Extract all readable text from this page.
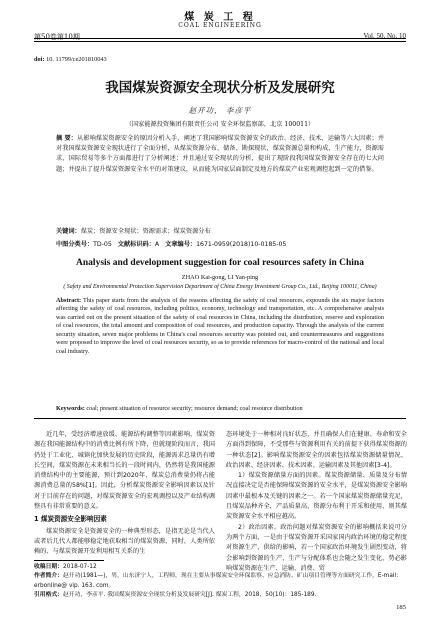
煤 炭 工 程
COAL ENGINEERING
第50卷第10期	Vol. 50, No. 10
doi: 10. 11799/ce201810043
我国煤炭资源安全现状分析及发展研究
赵开功， 李彦平
（国家能源投资集团有限责任公司 安全环保监察部，北京 100011）
摘 要：从影响煤炭资源安全的原因分析入手，阐述了我国影响煤炭资源安全的政治、经济、技术、运输等六大因素；并对我国煤炭资源安全现状进行了全面分析，从煤炭资源分布、储备、勘探现状，煤炭资源总量和构成，生产能力，资源需求，国际贸易等多个方面都进行了分析阐述；并且通过安全现状的分析，提出了现阶段我国煤炭资源安全存在的七大问题；并提出了提升煤炭资源安全水平的对策建议，从而能为国家层面制定及地方的煤炭产业宏观调控起到一定的借鉴。
关键词：煤炭；资源安全现状；资源需求；煤炭资源分布
中图分类号：TD-05 文献标识码：A 文章编号：1671-0959(2018)10-0185-05
Analysis and development suggestion for coal resources safety in China
ZHAO Kai-gong, LI Yan-ping
( Safety and Environmental Protection Supervision Department of China Energy Investment Group Co., Ltd., Beijing 100011, China)
Abstract: This paper starts from the analysis of the reasons affecting the safety of coal resources, expounds the six major factors affecting the safety of coal resources, including politics, economy, technology and transportation, etc. A comprehensive analysis was carried out on the present situation of the safety of coal resources in China, including the distribution, reserve and exploration of coal resources, the total amount and composition of coal resources, and production capacity. Through the analysis of the current security situation, seven major problems in China's coal resources security was pointed out, and countermeasures and suggestions were proposed to improve the level of coal resources security, so as to provide references for macro-control of the national and local coal industry.
Keywords: coal; present situation of resource security; resource demand; coal resource distribution

近几年，受经济增速放缓、能源结构调整等因素影响，煤炭资源在我国能源结构中的消费比例有所下降，但就现阶段而言，我国仍处于工业化、城镇化加快发展的历史阶段，能源需求总量仍有增长空间，煤炭资源在未来相当长的一段时间内，仍然将是我国能源消费结构中的主要能源，预计到2020年，煤炭总消费量仍将占能源消费总量的58%[1]。因此，分析煤炭资源安全影响因素以及针对于目前存在的问题，对煤炭资源安全的宏观调控以及产业结构调整具有非常重要的意义。

1 煤炭资源安全影响因素

煤炭资源安全是资源安全的一种典型形态，是指无论是当代人或者后几代人都能够稳定地获取相当的煤炭资源，同时，人类所依赖的、与煤炭资源开发利用相互关系的生

态环境处于一种相对良好状态，并且确保人们在健康、寿命和安全方面得到保障，不受那些与资源利用有关的前提下获得煤炭资源的一种状态[2]。影响煤炭资源安全的因素包括煤炭资源储量情况、政治因素、经济因素、技术因素、运输因素及其他因素[3-4]。

1）煤炭资源储量方面的因素。煤炭资源储量、质量及分布情况直接决定是否能保障煤炭资源的安全水平，是煤炭资源安全影响因素中最根本及关键的因素之一。若一个国家煤炭资源储量充足，且煤炭品种齐全，产品质量高，资源分布利于开采和使用，则其煤炭资源安全水平相应越高。

2）政治因素。政治问题对煤炭资源安全的影响概括来说可分为两个方面，一是由于煤炭资源开采国家国内政治环境的稳定程度对资源生产、供给的影响，若一个国家政治环境发生剧烈变动，将会影响到资源的生产，生产与分配体系也会随之发生变化，势必影响煤炭资源在生产、运输、消费、贸

收稿日期：2018-07-12
作者简介：赵开功(1981—)，男，山东济宁人，工程师，现在主要从事煤炭安全环保监察、应急消防、矿山项目管理等方面研究工作，E-mail：erbonline@ vip. 163. com。
引用格式：赵开功，李彦平. 我国煤炭资源安全现状分析及发展研究[J]. 煤炭工程，2018，50(10)：185-189.
185
